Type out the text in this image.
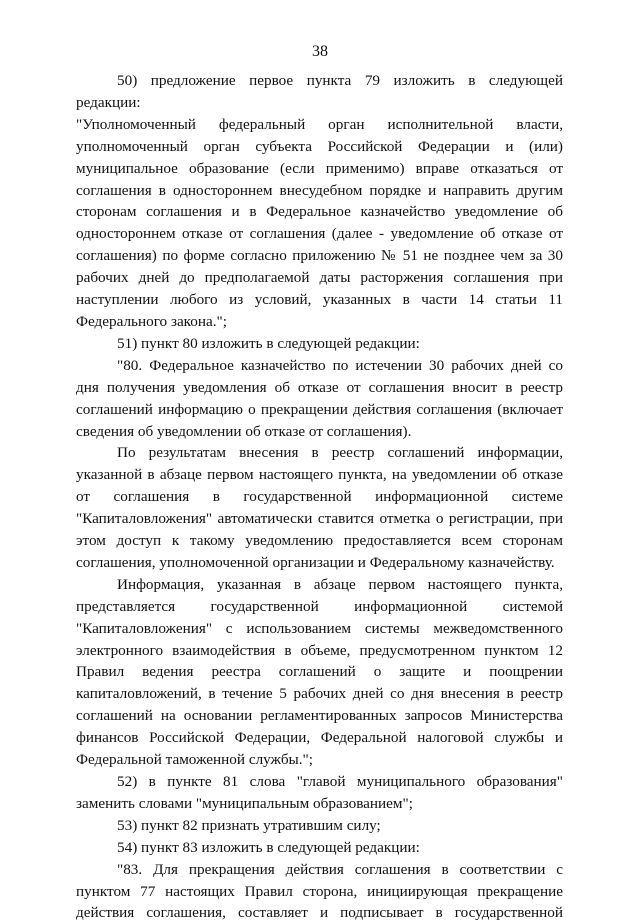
38

50) предложение первое пункта 79 изложить в следующей редакции:

"Уполномоченный федеральный орган исполнительной власти, уполномоченный орган субъекта Российской Федерации и (или) муниципальное образование (если применимо) вправе отказаться от соглашения в одностороннем внесудебном порядке и направить другим сторонам соглашения и в Федеральное казначейство уведомление об одностороннем отказе от соглашения (далее - уведомление об отказе от соглашения) по форме согласно приложению № 51 не позднее чем за 30 рабочих дней до предполагаемой даты расторжения соглашения при наступлении любого из условий, указанных в части 14 статьи 11 Федерального закона.";

51) пункт 80 изложить в следующей редакции:

"80. Федеральное казначейство по истечении 30 рабочих дней со дня получения уведомления об отказе от соглашения вносит в реестр соглашений информацию о прекращении действия соглашения (включает сведения об уведомлении об отказе от соглашения).

По результатам внесения в реестр соглашений информации, указанной в абзаце первом настоящего пункта, на уведомлении об отказе от соглашения в государственной информационной системе "Капиталовложения" автоматически ставится отметка о регистрации, при этом доступ к такому уведомлению предоставляется всем сторонам соглашения, уполномоченной организации и Федеральному казначейству.

Информация, указанная в абзаце первом настоящего пункта, представляется государственной информационной системой "Капиталовложения" с использованием системы межведомственного электронного взаимодействия в объеме, предусмотренном пунктом 12 Правил ведения реестра соглашений о защите и поощрении капиталовложений, в течение 5 рабочих дней со дня внесения в реестр соглашений на основании регламентированных запросов Министерства финансов Российской Федерации, Федеральной налоговой службы и Федеральной таможенной службы.";

52) в пункте 81 слова "главой муниципального образования" заменить словами "муниципальным образованием";

53) пункт 82 признать утратившим силу;

54) пункт 83 изложить в следующей редакции:

"83. Для прекращения действия соглашения в соответствии с пунктом 77 настоящих Правил сторона, инициирующая прекращение действия соглашения, составляет и подписывает в государственной
